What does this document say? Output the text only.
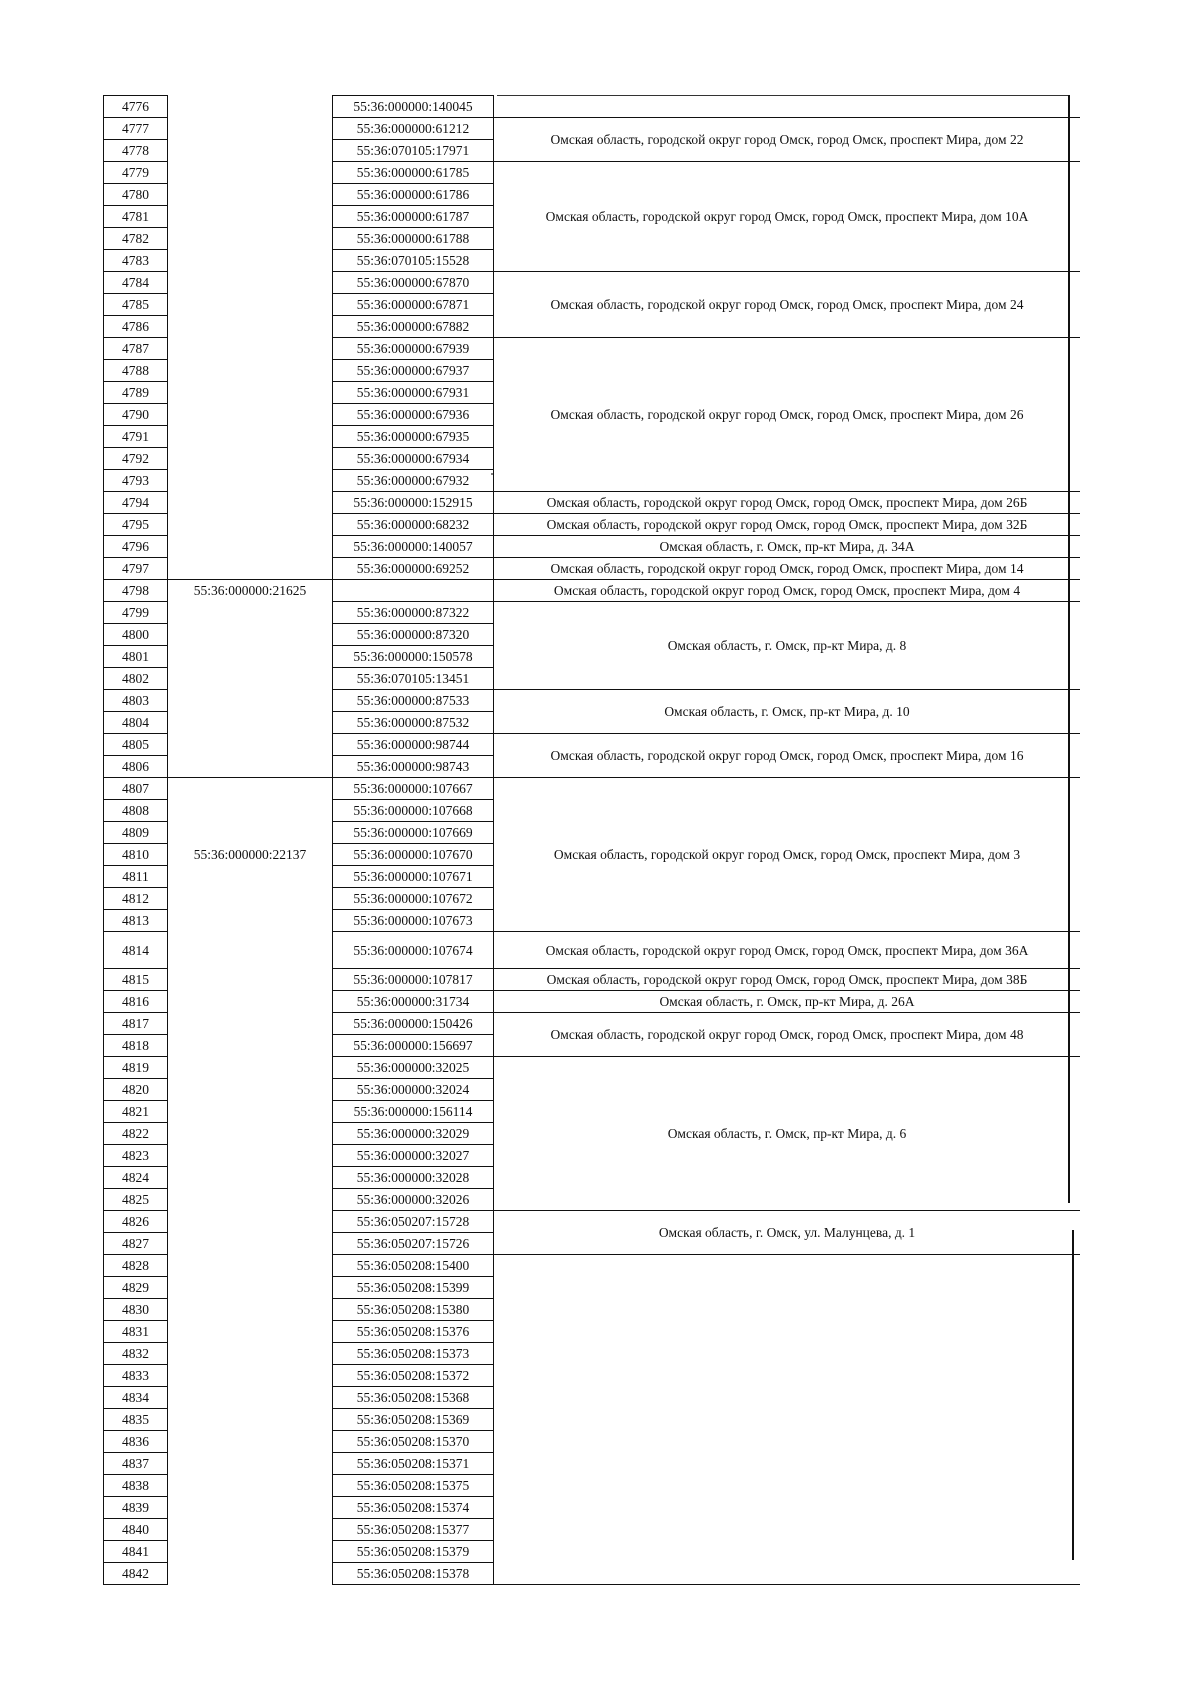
4776		55:36:000000:140045	
4777		55:36:000000:61212	Омская область, городской округ город Омск, город Омск, проспект Мира, дом 22
4778		55:36:070105:17971	
4779		55:36:000000:61785	Омская область, городской округ город Омск, город Омск, проспект Мира, дом 10А
4780		55:36:000000:61786	
4781		55:36:000000:61787	
4782		55:36:000000:61788	
4783		55:36:070105:15528	
4784		55:36:000000:67870	Омская область, городской округ город Омск, город Омск, проспект Мира, дом 24
4785		55:36:000000:67871	
4786		55:36:000000:67882	
4787		55:36:000000:67939	Омская область, городской округ город Омск, город Омск, проспект Мира, дом 26
4788		55:36:000000:67937	
4789		55:36:000000:67931	
4790		55:36:000000:67936	
4791		55:36:000000:67935	
4792		55:36:000000:67934	
4793		55:36:000000:67932	
4794		55:36:000000:152915	Омская область, городской округ город Омск, город Омск, проспект Мира, дом 26Б
4795		55:36:000000:68232	Омская область, городской округ город Омск, город Омск, проспект Мира, дом 32Б
4796		55:36:000000:140057	Омская область, г. Омск, пр-кт Мира, д. 34А
4797		55:36:000000:69252	Омская область, городской округ город Омск, город Омск, проспект Мира, дом 14
4798	55:36:000000:21625		Омская область, городской округ город Омск, город Омск, проспект Мира, дом 4
4799		55:36:000000:87322	Омская область, г. Омск, пр-кт Мира, д. 8
4800		55:36:000000:87320	
4801		55:36:000000:150578	
4802		55:36:070105:13451	
4803		55:36:000000:87533	Омская область, г. Омск, пр-кт Мира, д. 10
4804		55:36:000000:87532	
4805		55:36:000000:98744	Омская область, городской округ город Омск, город Омск, проспект Мира, дом 16
4806		55:36:000000:98743	
4807	55:36:000000:22137	55:36:000000:107667	Омская область, городской округ город Омск, город Омск, проспект Мира, дом 3
4808		55:36:000000:107668	
4809		55:36:000000:107669	
4810		55:36:000000:107670	
4811		55:36:000000:107671	
4812		55:36:000000:107672	
4813		55:36:000000:107673	
4814		55:36:000000:107674	Омская область, городской округ город Омск, город Омск, проспект Мира, дом 36А
4815		55:36:000000:107817	Омская область, городской округ город Омск, город Омск, проспект Мира, дом 38Б
4816		55:36:000000:31734	Омская область, г. Омск, пр-кт Мира, д. 26А
4817		55:36:000000:150426	Омская область, городской округ город Омск, город Омск, проспект Мира, дом 48
4818		55:36:000000:156697	
4819		55:36:000000:32025	Омская область, г. Омск, пр-кт Мира, д. 6
4820		55:36:000000:32024	
4821		55:36:000000:156114	
4822		55:36:000000:32029	
4823		55:36:000000:32027	
4824		55:36:000000:32028	
4825		55:36:000000:32026	
4826		55:36:050207:15728	Омская область, г. Омск, ул. Малунцева, д. 1
4827		55:36:050207:15726	
4828		55:36:050208:15400	
4829		55:36:050208:15399	
4830		55:36:050208:15380	
4831		55:36:050208:15376	
4832		55:36:050208:15373	
4833		55:36:050208:15372	
4834		55:36:050208:15368	
4835		55:36:050208:15369	
4836		55:36:050208:15370	
4837		55:36:050208:15371	
4838		55:36:050208:15375	
4839		55:36:050208:15374	
4840		55:36:050208:15377	
4841		55:36:050208:15379	
4842		55:36:050208:15378	
